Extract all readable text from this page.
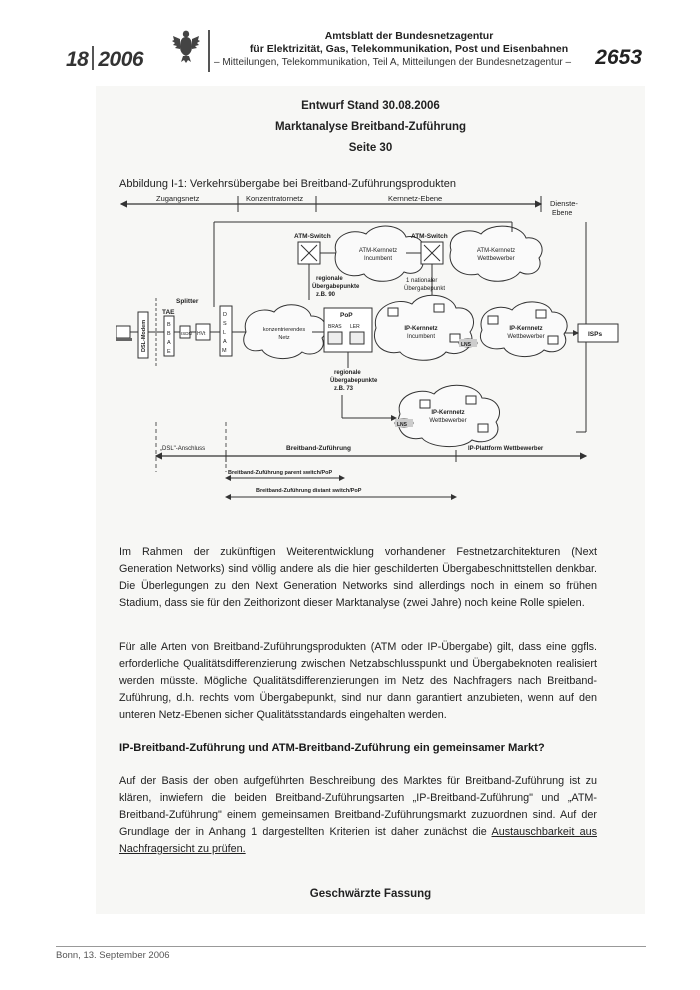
18 2006
Amtsblatt der Bundesnetzagentur
für Elektrizität, Gas, Telekommunikation, Post und Eisenbahnen
– Mitteilungen, Telekommunikation, Teil A, Mitteilungen der Bundesnetzagentur – 2653
Entwurf Stand 30.08.2006
Marktanalyse Breitband-Zuführung
Seite 30
Abbildung I-1: Verkehrsübergabe bei Breitband-Zuführungsprodukten
Zugangsnetz	Konzentratornetz	Kernnetz-Ebene
Dienste-
Ebene
ATM-Switch
ATM-Kernnetz
Incumbent
ATM-Switch
ATM-Kernnetz
Wettbewerber
regionale
Übergabepunkte
z.B. 90
1 nationaler
Übergabepunkt
Splitter
DSL-Modem
TAE
B
B
A
E
ISDN HVt
D
S
L
A
M
konzentrierendes
Netz
PoP
BRAS LER	IP-Kernnetz
Incumbent
LNS
IP-Kernnetz
Wettbewerber	ISPs
regionale
Übergabepunkte
z.B. 73
IP-Kernnetz
Wettbewerber
LNS
„DSL"-Anschluss	Breitband-Zuführung	IP-Plattform Wettbewerber
Breitband-Zuführung parent switch/PoP
Breitband-Zuführung distant switch/PoP
Im Rahmen der zukünftigen Weiterentwicklung vorhandener Festnetzarchitekturen (Next Generation Networks) sind völlig andere als die hier geschilderten Übergabeschnittstellen denkbar. Die Überlegungen zu den Next Generation Networks sind allerdings noch in einem so frühen Stadium, dass sie für den Zeithorizont dieser Marktanalyse (zwei Jahre) noch keine Rolle spielen.
Für alle Arten von Breitband-Zuführungsprodukten (ATM oder IP-Übergabe) gilt, dass eine ggfls. erforderliche Qualitätsdifferenzierung zwischen Netzabschlusspunkt und Übergabeknoten realisiert werden müsste. Mögliche Qualitätsdifferenzierungen im Netz des Nachfragers nach Breitband-Zuführung, d.h. rechts vom Übergabepunkt, sind nur dann garantiert anzubieten, wenn auf den unteren Netz-Ebenen sicher Qualitätsstandards eingehalten werden.
IP-Breitband-Zuführung und ATM-Breitband-Zuführung ein gemeinsamer Markt?
Auf der Basis der oben aufgeführten Beschreibung des Marktes für Breitband-Zuführung ist zu klären, inwiefern die beiden Breitband-Zuführungsarten „IP-Breitband-Zuführung" und „ATM-Breitband-Zuführung" einem gemeinsamen Breitband-Zuführungsmarkt zuzuordnen sind. Auf der Grundlage der in Anhang 1 dargestellten Kriterien ist daher zunächst die Austauschbarkeit aus Nachfragersicht zu prüfen.
Geschwärzte Fassung
Bonn, 13. September 2006
